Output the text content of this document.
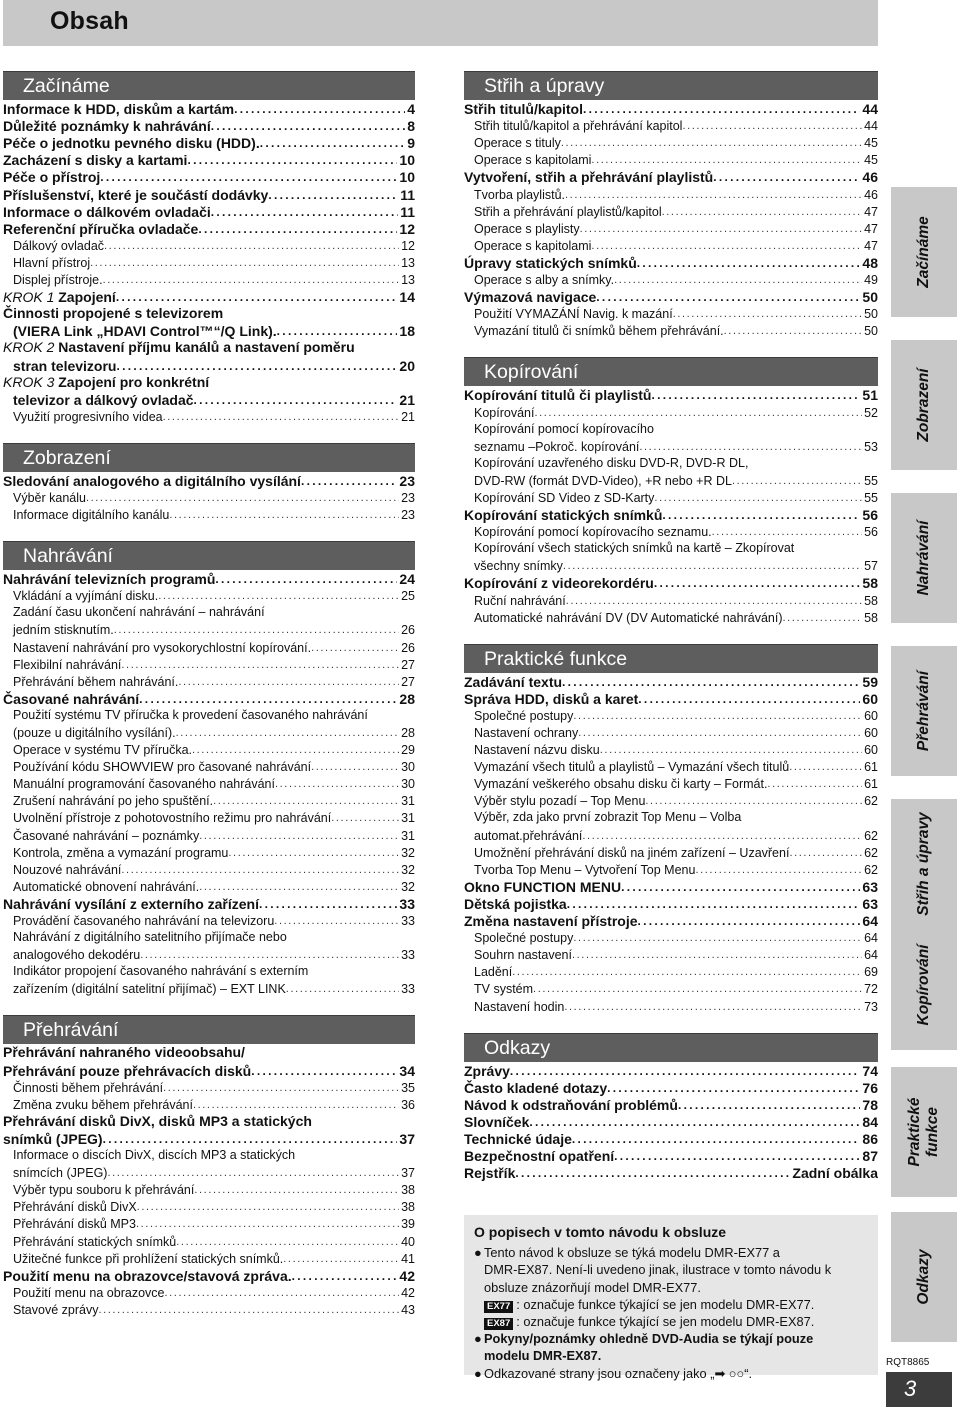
Obsah
Začínáme
Informace k HDD, diskům a kartám .....	4
Důležité poznámky k nahrávání .....	8
Péče o jednotku pevného disku (HDD). .....	9
Zacházení s disky a kartami .....	10
Péče o přístroj .....	10
Příslušenství, které je součástí dodávky .....	11
Informace o dálkovém ovladači .....	11
Referenční příručka ovladače .....	12
Dálkový ovladač .....	12
Hlavní přístroj .....	13
Displej přístroje. .....	13
KROK 1 Zapojení .....	14
Činnosti propojené s televizorem
(VIERA Link „HDAVI Control™“/Q Link). .....	18
KROK 2 Nastavení příjmu kanálů a nastavení poměru
stran televizoru .....	20
KROK 3 Zapojení pro konkrétní
televizor a dálkový ovladač .....	21
Využití progresivního videa .....	21
Zobrazení
Sledování analogového a digitálního vysílání .....	23
Výběr kanálu .....	23
Informace digitálního kanálu .....	23
Nahrávání
Nahrávání televizních programů .....	24
Vkládání a vyjímání disku. .....	25
Zadání času ukončení nahrávání – nahrávání
jedním stisknutím. .....	26
Nastavení nahrávání pro vysokorychlostní kopírování. .....	26
Flexibilní nahrávání .....	27
Přehrávání během nahrávání. .....	27
Časované nahrávání .....	28
Použití systému TV příručka k provedení časovaného nahrávání
(pouze u digitálního vysílání). .....	28
Operace v systému TV příručka. .....	29
Používání kódu SHOWVIEW pro časované nahrávání .....	30
Manuální programování časovaného nahrávání .....	30
Zrušení nahrávání po jeho spuštění. .....	31
Uvolnění přístroje z pohotovostního režimu pro nahrávání .....	31
Časované nahrávání – poznámky .....	31
Kontrola, změna a vymazání programu .....	32
Nouzové nahrávání .....	32
Automatické obnovení nahrávání. .....	32
Nahrávání vysílání z externího zařízení .....	33
Provádění časovaného nahrávání na televizoru .....	33
Nahrávání z digitálního satelitního přijímače nebo
analogového dekodéru .....	33
Indikátor propojení časovaného nahrávání s externím
zařízením (digitální satelitní přijímač) – EXT LINK .....	33
Přehrávání
Přehrávání nahraného videoobsahu/
Přehrávání pouze přehrávacích disků .....	34
Činnosti během přehrávání .....	35
Změna zvuku během přehrávání .....	36
Přehrávání disků DivX, disků MP3 a statických
snímků (JPEG) .....	37
Informace o discích DivX, discích MP3 a statických
snímcích (JPEG) .....	37
Výběr typu souboru k přehrávání .....	38
Přehrávání disků DivX .....	38
Přehrávání disků MP3 .....	39
Přehrávání statických snímků .....	40
Užitečné funkce při prohlížení statických snímků. .....	41
Použití menu na obrazovce/stavová zpráva. .....	42
Použití menu na obrazovce .....	42
Stavové zprávy .....	43
Střih a úpravy
Střih titulů/kapitol .....	44
Střih titulů/kapitol a přehrávání kapitol .....	44
Operace s tituly .....	45
Operace s kapitolami .....	45
Vytvoření, střih a přehrávání playlistů .....	46
Tvorba playlistů. .....	46
Střih a přehrávání playlistů/kapitol .....	47
Operace s playlisty .....	47
Operace s kapitolami .....	47
Úpravy statických snímků .....	48
Operace s alby a snímky. .....	49
Výmazová navigace .....	50
Použití VYMAZÁNÍ Navig. k mazání .....	50
Vymazání titulů či snímků během přehrávání. .....	50
Kopírování
Kopírování titulů či playlistů .....	51
Kopírování .....	52
Kopírování pomocí kopírovacího
seznamu –Pokroč. kopírování .....	53
Kopírování uzavřeného disku DVD-R, DVD-R DL,
DVD-RW (formát DVD-Video), +R nebo +R DL .....	55
Kopírování SD Video z SD-Karty .....	55
Kopírování statických snímků .....	56
Kopírování pomocí kopírovacího seznamu. .....	56
Kopírování všech statických snímků na kartě – Zkopírovat
všechny snímky .....	57
Kopírování z videorekordéru .....	58
Ruční nahrávání .....	58
Automatické nahrávání DV (DV Automatické nahrávání) .....	58
Praktické funkce
Zadávání textu .....	59
Správa HDD, disků a karet .....	60
Společné postupy .....	60
Nastavení ochrany .....	60
Nastavení názvu disku .....	60
Vymazání všech titulů a playlistů – Vymazání všech titulů .....	61
Vymazání veškerého obsahu disku či karty – Formát. .....	61
Výběr stylu pozadí – Top Menu .....	62
Výběr, zda jako první zobrazit Top Menu – Volba
automat.přehrávání .....	62
Umožnění přehrávání disků na jiném zařízení – Uzavření .....	62
Tvorba Top Menu – Vytvoření Top Menu .....	62
Okno FUNCTION MENU .....	63
Dětská pojistka .....	63
Změna nastavení přístroje .....	64
Společné postupy .....	64
Souhrn nastavení .....	64
Ladění .....	69
TV systém .....	72
Nastavení hodin .....	73
Odkazy
Zprávy .....	74
Často kladené dotazy .....	76
Návod k odstraňování problémů .....	78
Slovníček .....	84
Technické údaje .....	86
Bezpečnostní opatření .....	87
Rejstřík .....	Zadní obálka
Začínáme
Zobrazení
Nahrávání
Přehrávání
Střih a úpravy
Kopírování
Praktické
funkce
Odkazy
O popisech v tomto návodu k obsluze
● Tento návod k obsluze se týká modelu DMR-EX77 a
DMR-EX87. Není-li uvedeno jinak, ilustrace v tomto návodu k
obsluze znázorňují model DMR-EX77.
EX77 : označuje funkce týkající se jen modelu DMR-EX77.
EX87 : označuje funkce týkající se jen modelu DMR-EX87.
● Pokyny/poznámky ohledně DVD-Audia se týkají pouze
modelu DMR-EX87.
● Odkazované strany jsou označeny jako „➡ ○○“.
RQT8865
3
